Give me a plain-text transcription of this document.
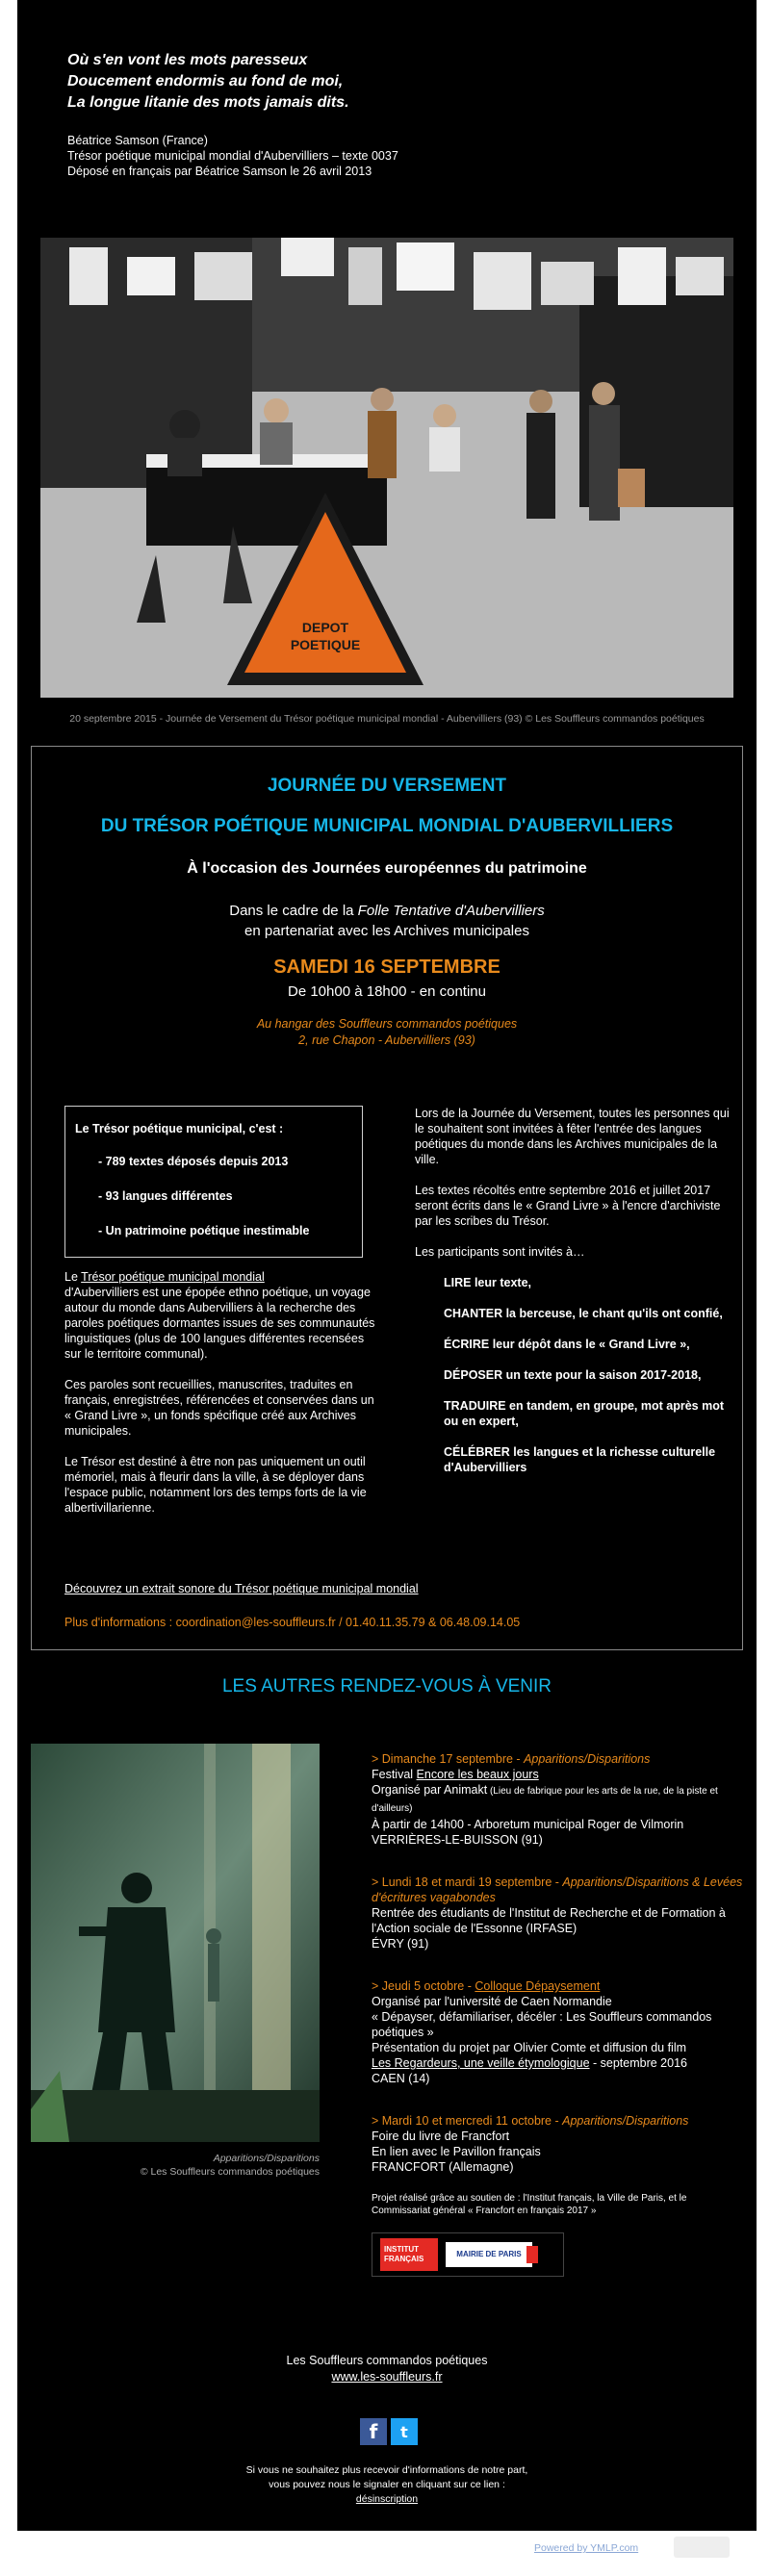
Où s'en vont les mots paresseux
Doucement endormis au fond de moi,
La longue litanie des mots jamais dits.
Béatrice Samson (France)
Trésor poétique municipal mondial d'Aubervilliers – texte 0037
Déposé en français par Béatrice Samson le 26 avril 2013
DEPOT
POETIQUE
20 septembre 2015 - Journée de Versement du Trésor poétique municipal mondial - Aubervilliers (93) © Les Souffleurs commandos poétiques
JOURNÉE DU VERSEMENT
DU TRÉSOR POÉTIQUE MUNICIPAL MONDIAL D'AUBERVILLIERS
À l'occasion des Journées européennes du patrimoine
Dans le cadre de la Folle Tentative d'Aubervilliers
en partenariat avec les Archives municipales
SAMEDI 16 SEPTEMBRE
De 10h00 à 18h00 - en continu
Au hangar des Souffleurs commandos poétiques
2, rue Chapon - Aubervilliers (93)
Le Trésor poétique municipal, c'est :
- 789 textes déposés depuis 2013
- 93 langues différentes
- Un patrimoine poétique inestimable

Le Trésor poétique municipal mondial
d'Aubervilliers est une épopée ethno poétique, un voyage autour du monde dans Aubervilliers à la recherche des paroles poétiques dormantes issues de ses communautés linguistiques (plus de 100 langues différentes recensées sur le territoire communal).

Ces paroles sont recueillies, manuscrites, traduites en français, enregistrées, référencées et conservées dans un « Grand Livre », un fonds spécifique créé aux Archives municipales.

Le Trésor est destiné à être non pas uniquement un outil mémoriel, mais à fleurir dans la ville, à se déployer dans l'espace public, notamment lors des temps forts de la vie albertivillarienne.

Lors de la Journée du Versement, toutes les personnes qui le souhaitent sont invitées à fêter l'entrée des langues poétiques du monde dans les Archives municipales de la ville.

Les textes récoltés entre septembre 2016 et juillet 2017 seront écrits dans le « Grand Livre » à l'encre d'archiviste par les scribes du Trésor.

Les participants sont invités à…

LIRE leur texte,
CHANTER la berceuse, le chant qu'ils ont confié,
ÉCRIRE leur dépôt dans le « Grand Livre »,
DÉPOSER un texte pour la saison 2017-2018,
TRADUIRE en tandem, en groupe, mot après mot ou en expert,
CÉLÉBRER les langues et la richesse culturelle d'Aubervilliers
Découvrez un extrait sonore du Trésor poétique municipal mondial
Plus d'informations : coordination@les-souffleurs.fr / 01.40.11.35.79 & 06.48.09.14.05
LES AUTRES RENDEZ-VOUS À VENIR
Apparitions/Disparitions
© Les Souffleurs commandos poétiques
> Dimanche 17 septembre - Apparitions/Disparitions
Festival Encore les beaux jours
Organisé par Animakt (Lieu de fabrique pour les arts de la rue, de la piste et d'ailleurs)
À partir de 14h00 - Arboretum municipal Roger de Vilmorin
VERRIÈRES-LE-BUISSON (91)
> Lundi 18 et mardi 19 septembre - Apparitions/Disparitions & Levées d'écritures vagabondes
Rentrée des étudiants de l'Institut de Recherche et de Formation à l'Action sociale de l'Essonne (IRFASE)
ÉVRY (91)
> Jeudi 5 octobre - Colloque Dépaysement
Organisé par l'université de Caen Normandie
« Dépayser, défamiliariser, décéler : Les Souffleurs commandos poétiques »
Présentation du projet par Olivier Comte et diffusion du film
Les Regardeurs, une veille étymologique - septembre 2016
CAEN (14)
> Mardi 10 et mercredi 11 octobre - Apparitions/Disparitions
Foire du livre de Francfort
En lien avec le Pavillon français
FRANCFORT (Allemagne)
Projet réalisé grâce au soutien de : l'Institut français, la Ville de Paris, et le Commissariat général « Francfort en français 2017 »
INSTITUT
FRANÇAIS
MAIRIE DE PARIS
Les Souffleurs commandos poétiques
www.les-souffleurs.fr
f	t
Si vous ne souhaitez plus recevoir d'informations de notre part,
vous pouvez nous le signaler en cliquant sur ce lien :
désinscription
Powered by YMLP.com
